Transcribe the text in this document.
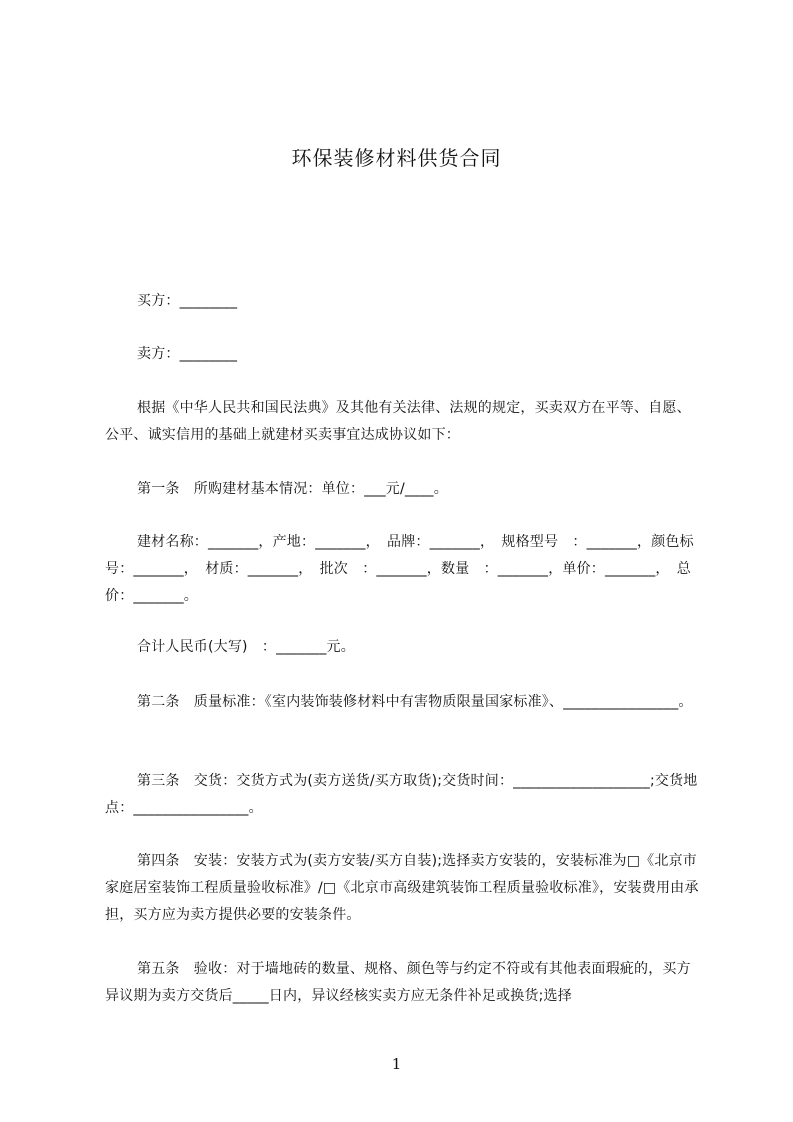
环保装修材料供货合同

买方：________

卖方：________

根据《中华人民共和国民法典》及其他有关法律、法规的规定，买卖双方在平等、自愿、公平、诚实信用的基础上就建材买卖事宜达成协议如下：

第一条　所购建材基本情况：单位：___元/____。

建材名称：_______，产地：_______，　品牌：_______，　规格型号　：_______，颜色标号：_______，　材质：_______，　批次　：_______，数量　：_______，单价：_______，　总价：_______。

合计人民币(大写)　：_______元。

第二条　质量标准：《室内装饰装修材料中有害物质限量国家标准》、________________。

第三条　交货：交货方式为(卖方送货/买方取货);交货时间：___________________;交货地点：________________。

第四条　安装：安装方式为(卖方安装/买方自装);选择卖方安装的，安装标准为□《北京市家庭居室装饰工程质量验收标准》/□《北京市高级建筑装饰工程质量验收标准》，安装费用由承担，买方应为卖方提供必要的安装条件。

第五条　验收：对于墙地砖的数量、规格、颜色等与约定不符或有其他表面瑕疵的，买方异议期为卖方交货后_____日内，异议经核实卖方应无条件补足或换货;选择

1
